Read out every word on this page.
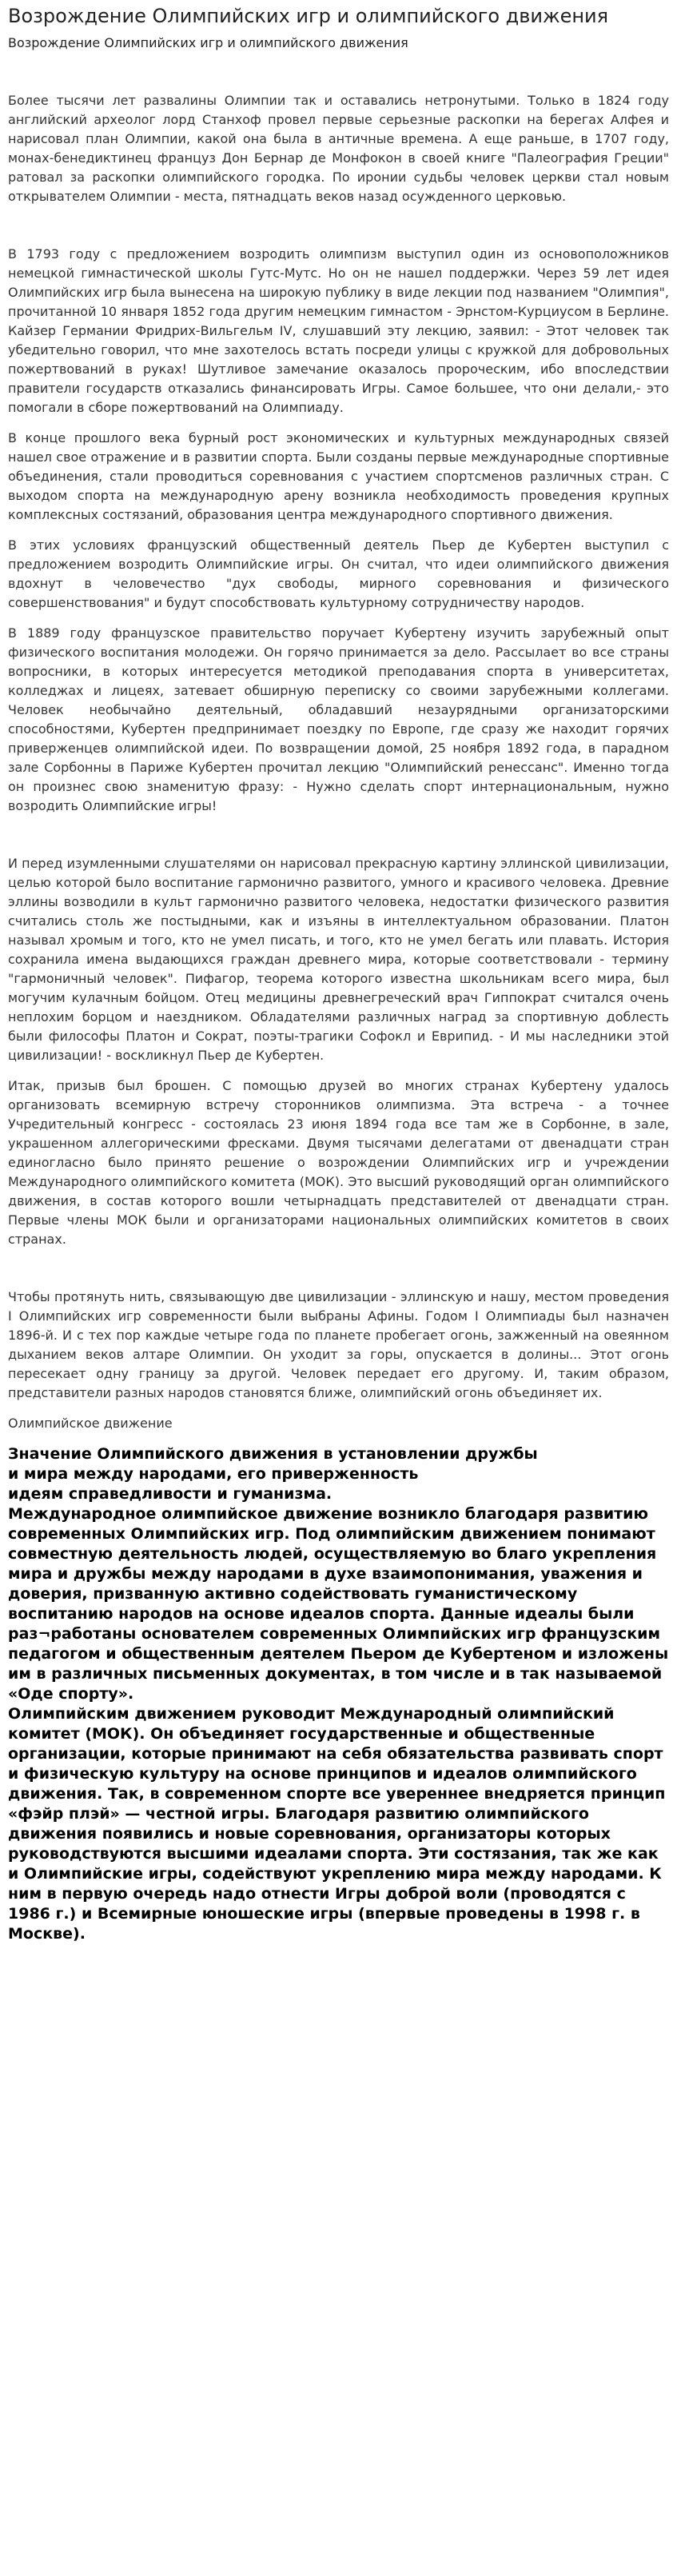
Возрождение Олимпийских игр и олимпийского движения
Возрождение Олимпийских игр и олимпийского движения

Более тысячи лет развалины Олимпии так и оставались нетронутыми. Только в 1824 году английский археолог лорд Станхоф провел первые серьезные раскопки на берегах Алфея и нарисовал план Олимпии, какой она была в античные времена. А еще раньше, в 1707 году, монах-бенедиктинец француз Дон Бернар де Монфокон в своей книге "Палеография Греции" ратовал за раскопки олимпийского городка. По иронии судьбы человек церкви стал новым открывателем Олимпии - места, пятнадцать веков назад осужденного церковью.

В 1793 году с предложением возродить олимпизм выступил один из основоположников немецкой гимнастической школы Гутс-Мутс. Но он не нашел поддержки. Через 59 лет идея Олимпийских игр была вынесена на широкую публику в виде лекции под названием "Олимпия", прочитанной 10 января 1852 года другим немецким гимнастом - Эрнстом-Курциусом в Берлине. Кайзер Германии Фридрих-Вильгельм IV, слушавший эту лекцию, заявил: - Этот человек так убедительно говорил, что мне захотелось встать посреди улицы с кружкой для добровольных пожертвований в руках! Шутливое замечание оказалось пророческим, ибо впоследствии правители государств отказались финансировать Игры. Самое большее, что они делали,- это помогали в сборе пожертвований на Олимпиаду.

В конце прошлого века бурный рост экономических и культурных международных связей нашел свое отражение и в развитии спорта. Были созданы первые международные спортивные объединения, стали проводиться соревнования с участием спортсменов различных стран. С выходом спорта на международную арену возникла необходимость проведения крупных комплексных состязаний, образования центра международного спортивного движения.

В этих условиях французский общественный деятель Пьер де Кубертен выступил с предложением возродить Олимпийские игры. Он считал, что идеи олимпийского движения вдохнут в человечество "дух свободы, мирного соревнования и физического совершенствования" и будут способствовать культурному сотрудничеству народов.

В 1889 году французское правительство поручает Кубертену изучить зарубежный опыт физического воспитания молодежи. Он горячо принимается за дело. Рассылает во все страны вопросники, в которых интересуется методикой преподавания спорта в университетах, колледжах и лицеях, затевает обширную переписку со своими зарубежными коллегами. Человек необычайно деятельный, обладавший незаурядными организаторскими способностями, Кубертен предпринимает поездку по Европе, где сразу же находит горячих приверженцев олимпийской идеи. По возвращении домой, 25 ноября 1892 года, в парадном зале Сорбонны в Париже Кубертен прочитал лекцию "Олимпийский ренессанс". Именно тогда он произнес свою знаменитую фразу: - Нужно сделать спорт интернациональным, нужно возродить Олимпийские игры!

И перед изумленными слушателями он нарисовал прекрасную картину эллинской цивилизации, целью которой было воспитание гармонично развитого, умного и красивого человека. Древние эллины возводили в культ гармонично развитого человека, недостатки физического развития считались столь же постыдными, как и изъяны в интеллектуальном образовании. Платон называл хромым и того, кто не умел писать, и того, кто не умел бегать или плавать. История сохранила имена выдающихся граждан древнего мира, которые соответствовали - термину "гармоничный человек". Пифагор, теорема которого известна школьникам всего мира, был могучим кулачным бойцом. Отец медицины древнегреческий врач Гиппократ считался очень неплохим борцом и наездником. Обладателями различных наград за спортивную доблесть были философы Платон и Сократ, поэты-трагики Софокл и Еврипид. - И мы наследники этой цивилизации! - воскликнул Пьер де Кубертен.

Итак, призыв был брошен. С помощью друзей во многих странах Кубертену удалось организовать всемирную встречу сторонников олимпизма. Эта встреча - а точнее Учредительный конгресс - состоялась 23 июня 1894 года все там же в Сорбонне, в зале, украшенном аллегорическими фресками. Двумя тысячами делегатами от двенадцати стран единогласно было принято решение о возрождении Олимпийских игр и учреждении Международного олимпийского комитета (МОК). Это высший руководящий орган олимпийского движения, в состав которого вошли четырнадцать представителей от двенадцати стран. Первые члены МОК были и организаторами национальных олимпийских комитетов в своих странах.

Чтобы протянуть нить, связывающую две цивилизации - эллинскую и нашу, местом проведения I Олимпийских игр современности были выбраны Афины. Годом I Олимпиады был назначен 1896-й. И с тех пор каждые четыре года по планете пробегает огонь, зажженный на овеянном дыханием веков алтаре Олимпии. Он уходит за горы, опускается в долины... Этот огонь пересекает одну границу за другой. Человек передает его другому. И, таким образом, представители разных народов становятся ближе, олимпийский огонь объединяет их.

Олимпийское движение

Значение Олимпийского движения в установлении дружбы

и мира между народами, его приверженность

идеям справедливости и гуманизма.

Международное олимпийское движение возникло благодаря развитию современных Олимпийских игр. Под олимпийским движением понимают совместную деятельность людей, осуществляемую во благо укрепления мира и дружбы между народами в духе взаимопонимания, уважения и доверия, призванную активно содействовать гуманистическому воспитанию народов на основе идеалов спорта. Данные идеалы были раз¬работаны основателем современных Олимпийских игр французским педагогом и общественным деятелем Пьером де Кубертеном и изложены им в различных письменных документах, в том числе и в так называемой «Оде спорту».

Олимпийским движением руководит Международный олимпийский комитет (МОК). Он объединяет государственные и общественные организации, которые принимают на себя обязательства развивать спорт и физическую культуру на основе принципов и идеалов олимпийского движения. Так, в современном спорте все увереннее внедряется принцип «фэйр плэй» — честной игры. Благодаря развитию олимпийского движения появились и новые соревнования, организаторы которых руководствуются высшими идеалами спорта. Эти состязания, так же как и Олимпийские игры, содействуют укреплению мира между народами. К ним в первую очередь надо отнести Игры доброй воли (проводятся с 1986 г.) и Всемирные юношеские игры (впервые проведены в 1998 г. в Москве).
